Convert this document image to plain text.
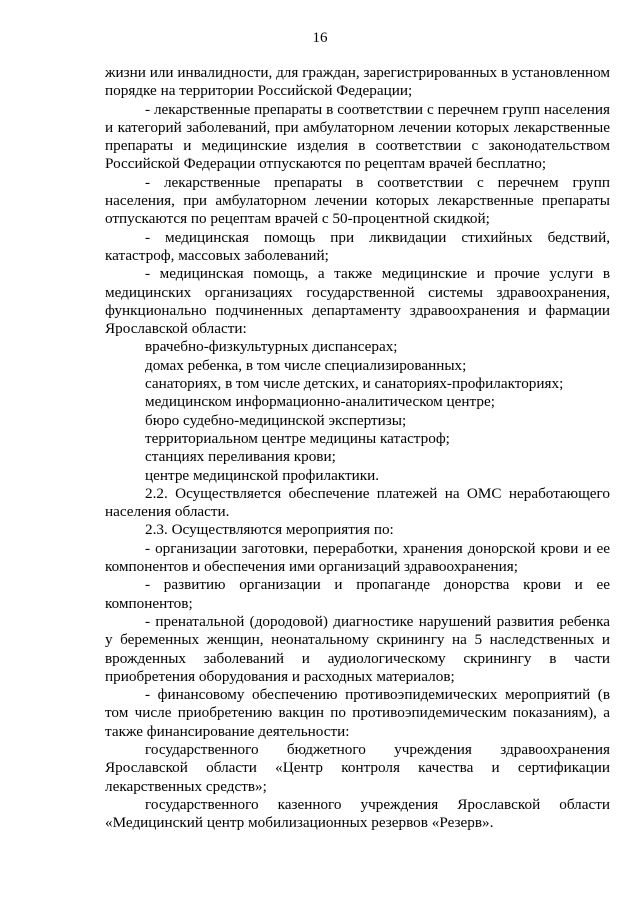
16

жизни или инвалидности, для граждан, зарегистрированных в установленном порядке на территории Российской Федерации;

- лекарственные препараты в соответствии с перечнем групп населения и категорий заболеваний, при амбулаторном лечении которых лекарственные препараты и медицинские изделия в соответствии с законодательством Российской Федерации отпускаются по рецептам врачей бесплатно;

- лекарственные препараты в соответствии с перечнем групп населения, при амбулаторном лечении которых лекарственные препараты отпускаются по рецептам врачей с 50-процентной скидкой;

- медицинская помощь при ликвидации стихийных бедствий, катастроф, массовых заболеваний;

- медицинская помощь, а также медицинские и прочие услуги в медицинских организациях государственной системы здравоохранения, функционально подчиненных департаменту здравоохранения и фармации Ярославской области:

врачебно-физкультурных диспансерах;

домах ребенка, в том числе специализированных;

санаториях, в том числе детских, и санаториях-профилакториях;

медицинском информационно-аналитическом центре;

бюро судебно-медицинской экспертизы;

территориальном центре медицины катастроф;

станциях переливания крови;

центре медицинской профилактики.

2.2. Осуществляется обеспечение платежей на ОМС неработающего населения области.

2.3. Осуществляются мероприятия по:

- организации заготовки, переработки, хранения донорской крови и ее компонентов и обеспечения ими организаций здравоохранения;

- развитию организации и пропаганде донорства крови и ее компонентов;

- пренатальной (дородовой) диагностике нарушений развития ребенка у беременных женщин, неонатальному скринингу на 5 наследственных и врожденных заболеваний и аудиологическому скринингу в части приобретения оборудования и расходных материалов;

- финансовому обеспечению противоэпидемических мероприятий (в том числе приобретению вакцин по противоэпидемическим показаниям), а также финансирование деятельности:

государственного бюджетного учреждения здравоохранения Ярославской области «Центр контроля качества и сертификации лекарственных средств»;

государственного казенного учреждения Ярославской области «Медицинский центр мобилизационных резервов «Резерв».
